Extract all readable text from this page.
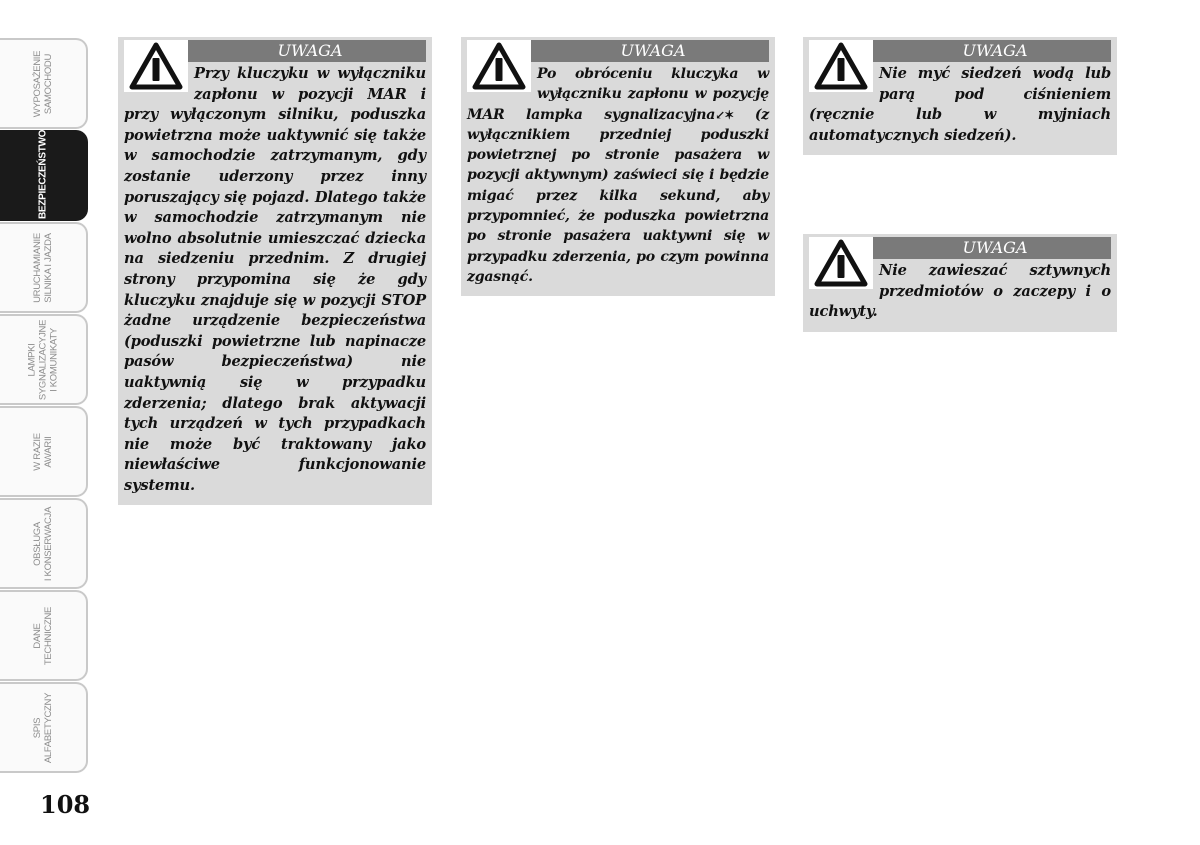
WYPOSAŻENIE
SAMOCHODU
BEZPIECZEŃSTWO
URUCHAMIANIE
SILNIKA I JAZDA
LAMPKI
SYGNALIZACYJNE
I KOMUNIKATY
W RAZIE
AWARII
OBSŁUGA
I KONSERWACJA
DANE
TECHNICZNE
SPIS
ALFABETYCZNY
108
UWAGA

Przy kluczyku w wyłączniku zapłonu w pozycji MAR i przy wyłączonym silniku, poduszka powietrzna może uaktywnić się także w samochodzie zatrzymanym, gdy zostanie uderzony przez inny poruszający się pojazd. Dlatego także w samochodzie zatrzymanym nie wolno absolutnie umieszczać dziecka na siedzeniu przednim. Z drugiej strony przypomina się że gdy kluczyku znajduje się w pozycji STOP żadne urządzenie bezpieczeństwa (poduszki powietrzne lub napinacze pasów bezpieczeństwa) nie uaktywnią się w przypadku zderzenia; dlatego brak aktywacji tych urządzeń w tych przypadkach nie może być traktowany jako niewłaściwe funkcjonowanie systemu.

UWAGA

Po obróceniu kluczyka w wyłączniku zapłonu w pozycję MAR lampka sygnalizacyjna↙✶ (z wyłącznikiem przedniej poduszki powietrznej po stronie pasażera w pozycji aktywnym) zaświeci się i będzie migać przez kilka sekund, aby przypomnieć, że poduszka powietrzna po stronie pasażera uaktywni się w przypadku zderzenia, po czym powinna zgasnąć.

UWAGA

Nie myć siedzeń wodą lub parą pod ciśnieniem (ręcznie lub w myjniach automatycznych siedzeń).

UWAGA

Nie zawieszać sztywnych przedmiotów o zaczepy i o uchwyty.
